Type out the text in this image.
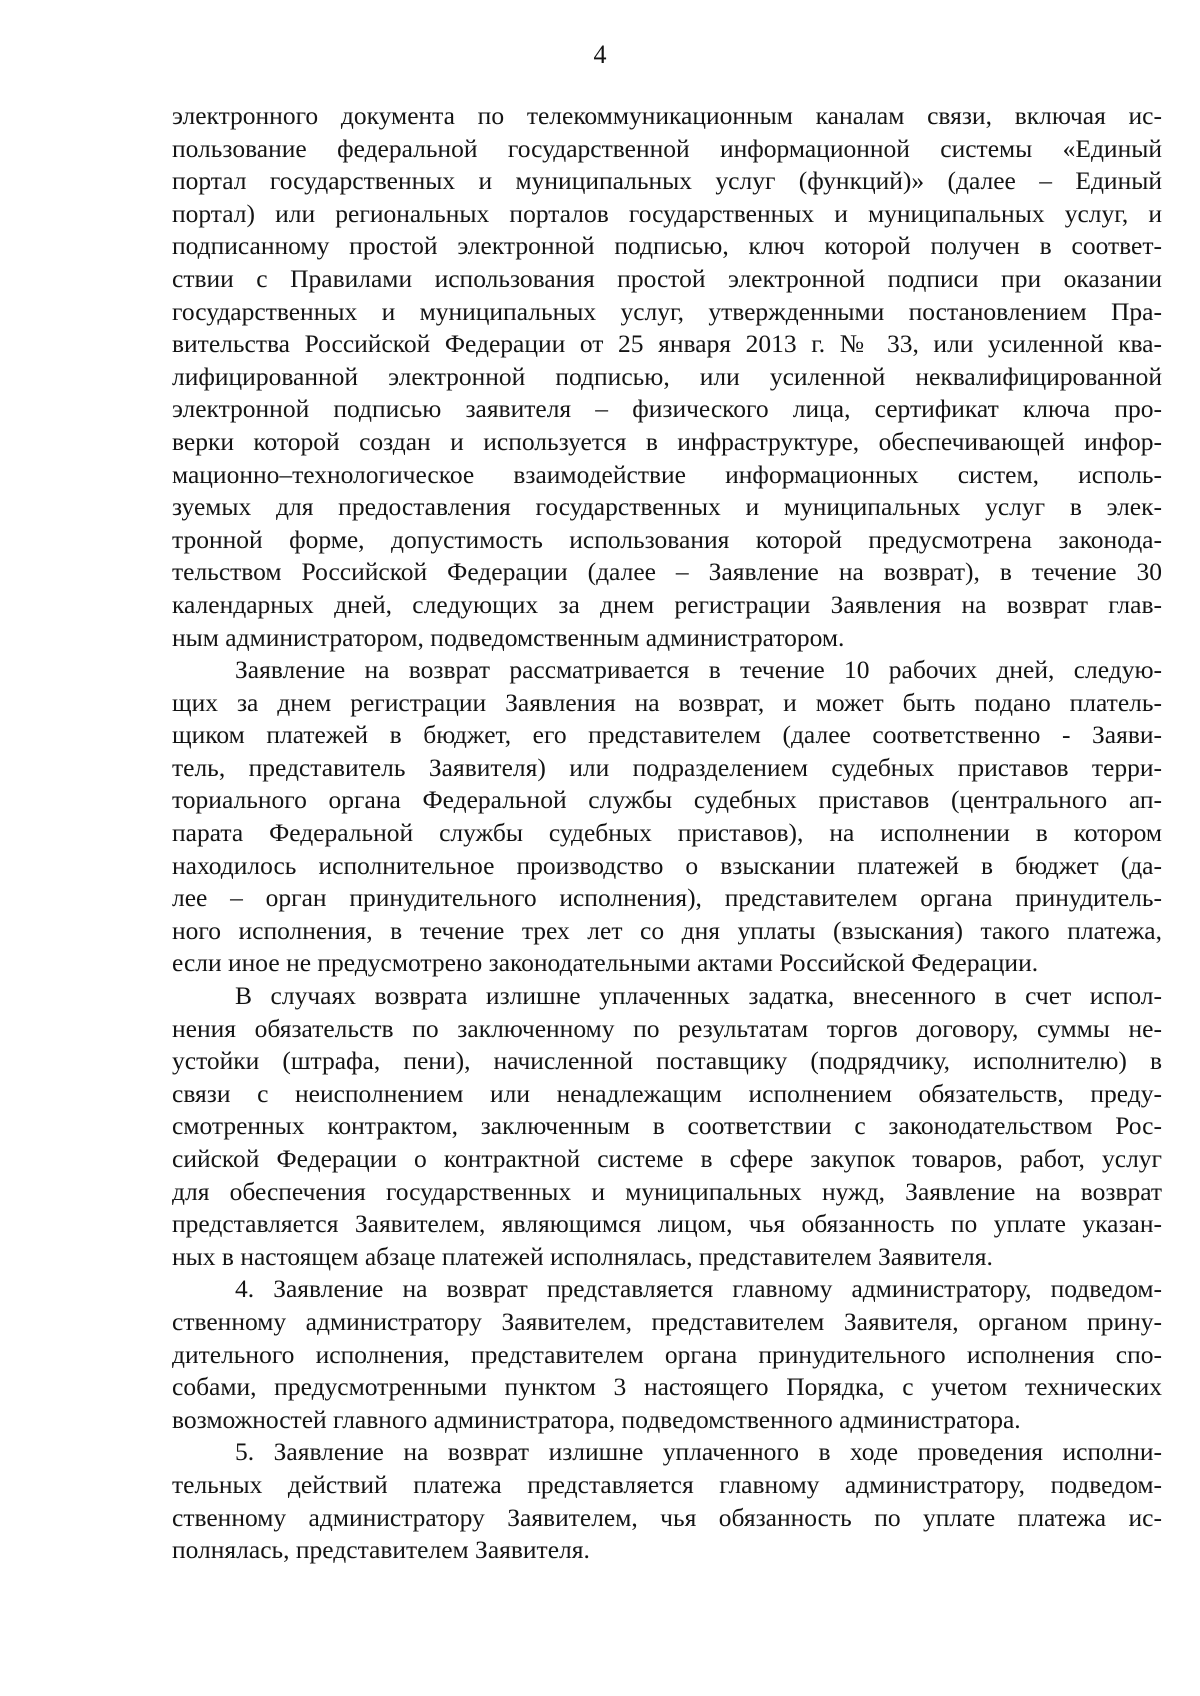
4
электронного документа по телекоммуникационным каналам связи, включая ис-
пользование федеральной государственной информационной системы «Единый
портал государственных и муниципальных услуг (функций)» (далее – Единый
портал) или региональных порталов государственных и муниципальных услуг, и
подписанному простой электронной подписью, ключ которой получен в соответ-
ствии с Правилами использования простой электронной подписи при оказании
государственных и муниципальных услуг, утвержденными постановлением Пра-
вительства Российской Федерации от 25 января 2013 г. № 33, или усиленной ква-
лифицированной электронной подписью, или усиленной неквалифицированной
электронной подписью заявителя – физического лица, сертификат ключа про-
верки которой создан и используется в инфраструктуре, обеспечивающей инфор-
мационно–технологическое взаимодействие информационных систем, исполь-
зуемых для предоставления государственных и муниципальных услуг в элек-
тронной форме, допустимость использования которой предусмотрена законода-
тельством Российской Федерации (далее – Заявление на возврат), в течение 30
календарных дней, следующих за днем регистрации Заявления на возврат глав-
ным администратором, подведомственным администратором.
Заявление на возврат рассматривается в течение 10 рабочих дней, следую-
щих за днем регистрации Заявления на возврат, и может быть подано платель-
щиком платежей в бюджет, его представителем (далее соответственно - Заяви-
тель, представитель Заявителя) или подразделением судебных приставов терри-
ториального органа Федеральной службы судебных приставов (центрального ап-
парата Федеральной службы судебных приставов), на исполнении в котором
находилось исполнительное производство о взыскании платежей в бюджет (да-
лее – орган принудительного исполнения), представителем органа принудитель-
ного исполнения, в течение трех лет со дня уплаты (взыскания) такого платежа,
если иное не предусмотрено законодательными актами Российской Федерации.
В случаях возврата излишне уплаченных задатка, внесенного в счет испол-
нения обязательств по заключенному по результатам торгов договору, суммы не-
устойки (штрафа, пени), начисленной поставщику (подрядчику, исполнителю) в
связи с неисполнением или ненадлежащим исполнением обязательств, преду-
смотренных контрактом, заключенным в соответствии с законодательством Рос-
сийской Федерации о контрактной системе в сфере закупок товаров, работ, услуг
для обеспечения государственных и муниципальных нужд, Заявление на возврат
представляется Заявителем, являющимся лицом, чья обязанность по уплате указан-
ных в настоящем абзаце платежей исполнялась, представителем Заявителя.
4. Заявление на возврат представляется главному администратору, подведом-
ственному администратору Заявителем, представителем Заявителя, органом прину-
дительного исполнения, представителем органа принудительного исполнения спо-
собами, предусмотренными пунктом 3 настоящего Порядка, с учетом технических
возможностей главного администратора, подведомственного администратора.
5. Заявление на возврат излишне уплаченного в ходе проведения исполни-
тельных действий платежа представляется главному администратору, подведом-
ственному администратору Заявителем, чья обязанность по уплате платежа ис-
полнялась, представителем Заявителя.
